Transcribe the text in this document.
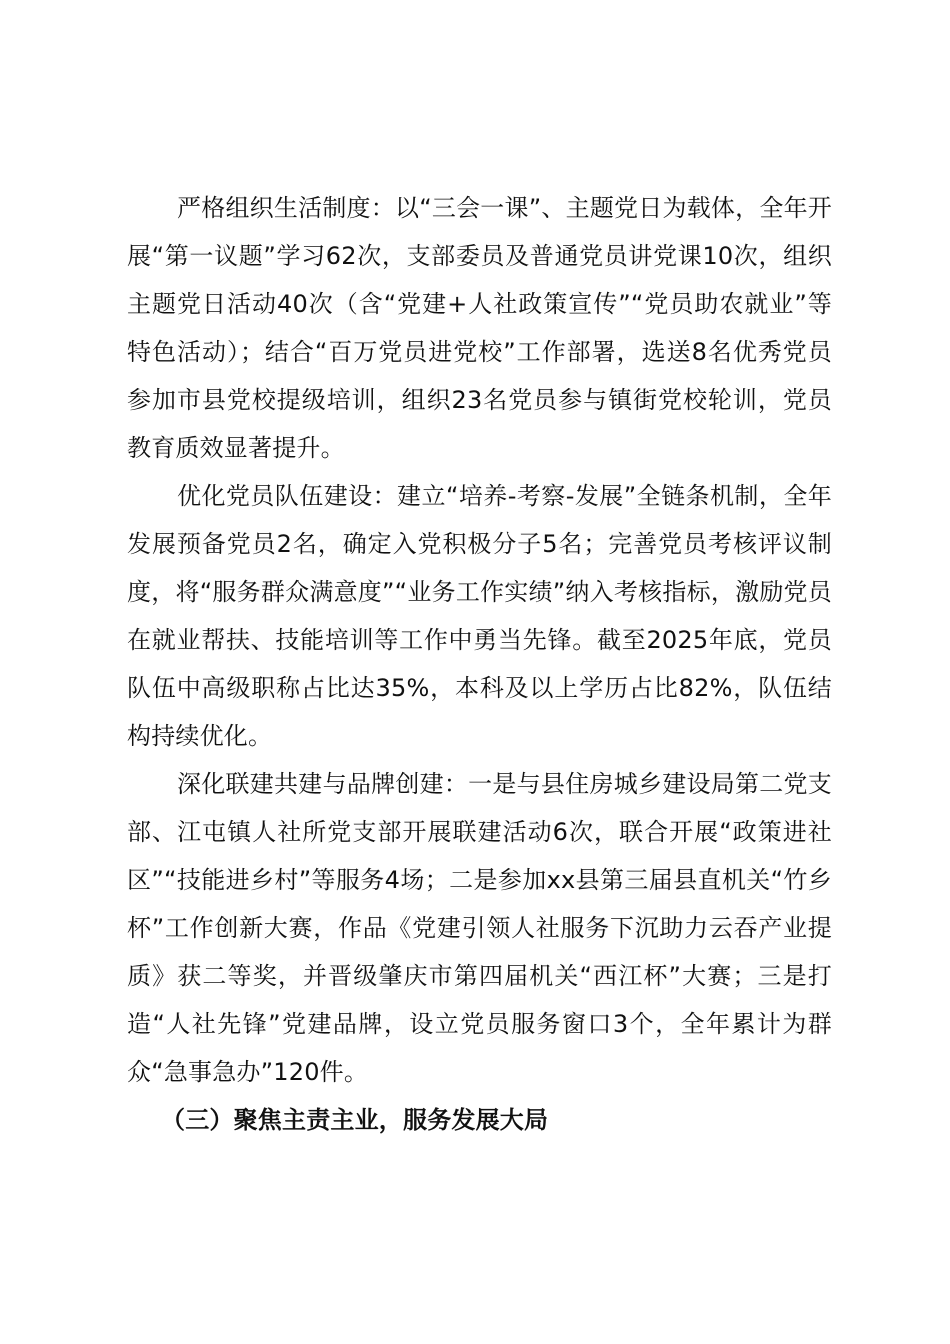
严格组织生活制度：以“三会一课”、主题党日为载体，全年开展“第一议题”学习62次，支部委员及普通党员讲党课10次，组织主题党日活动40次（含“党建+人社政策宣传”“党员助农就业”等特色活动）；结合“百万党员进党校”工作部署，选送8名优秀党员参加市县党校提级培训，组织23名党员参与镇街党校轮训，党员教育质效显著提升。

优化党员队伍建设：建立“培养-考察-发展”全链条机制，全年发展预备党员2名，确定入党积极分子5名；完善党员考核评议制度，将“服务群众满意度”“业务工作实绩”纳入考核指标，激励党员在就业帮扶、技能培训等工作中勇当先锋。截至2025年底，党员队伍中高级职称占比达35%，本科及以上学历占比82%，队伍结构持续优化。

深化联建共建与品牌创建：一是与县住房城乡建设局第二党支部、江屯镇人社所党支部开展联建活动6次，联合开展“政策进社区”“技能进乡村”等服务4场；二是参加xx县第三届县直机关“竹乡杯”工作创新大赛，作品《党建引领人社服务下沉助力云吞产业提质》获二等奖，并晋级肇庆市第四届机关“西江杯”大赛；三是打造“人社先锋”党建品牌，设立党员服务窗口3个，全年累计为群众“急事急办”120件。

（三）聚焦主责主业，服务发展大局
